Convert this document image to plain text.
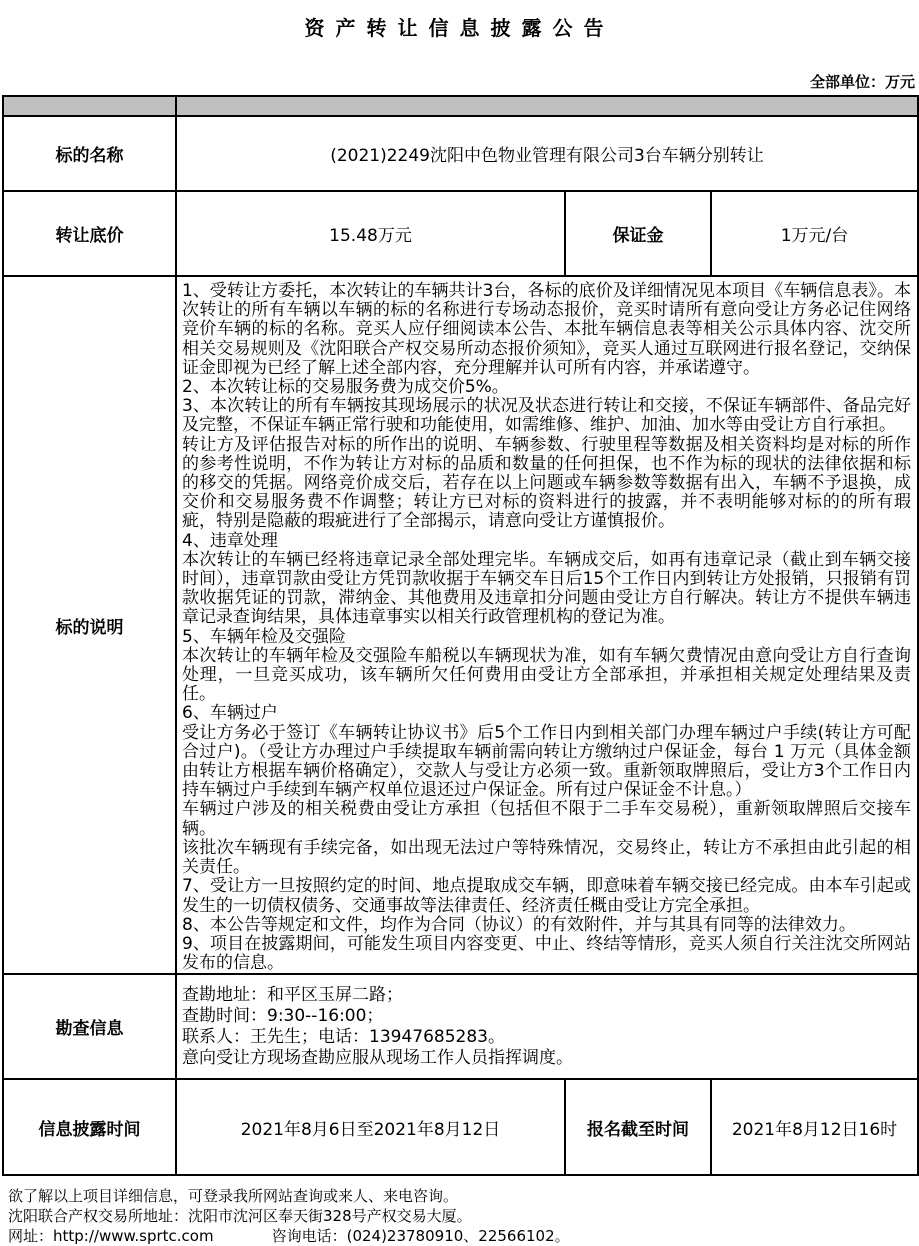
资产转让信息披露公告
全部单位：万元

标的名称	(2021)2249沈阳中色物业管理有限公司3台车辆分别转让		
转让底价	15.48万元	保证金	1万元/台
标的说明	
1、受转让方委托，本次转让的车辆共计3台，各标的底价及详细情况见本项目《车辆信息表》。本次转让的所有车辆以车辆的标的名称进行专场动态报价，竞买时请所有意向受让方务必记住网络竞价车辆的标的名称。竞买人应仔细阅读本公告、本批车辆信息表等相关公示具体内容、沈交所相关交易规则及《沈阳联合产权交易所动态报价须知》，竞买人通过互联网进行报名登记，交纳保证金即视为已经了解上述全部内容，充分理解并认可所有内容，并承诺遵守。
2、本次转让标的交易服务费为成交价5%。
3、本次转让的所有车辆按其现场展示的状况及状态进行转让和交接，不保证车辆部件、备品完好及完整，不保证车辆正常行驶和功能使用，如需维修、维护、加油、加水等由受让方自行承担。
转让方及评估报告对标的所作出的说明、车辆参数、行驶里程等数据及相关资料均是对标的所作的参考性说明，不作为转让方对标的品质和数量的任何担保，也不作为标的现状的法律依据和标的移交的凭据。网络竞价成交后，若存在以上问题或车辆参数等数据有出入，车辆不予退换，成交价和交易服务费不作调整；转让方已对标的资料进行的披露，并不表明能够对标的的所有瑕疵，特别是隐蔽的瑕疵进行了全部揭示，请意向受让方谨慎报价。
4、违章处理
本次转让的车辆已经将违章记录全部处理完毕。车辆成交后，如再有违章记录（截止到车辆交接时间），违章罚款由受让方凭罚款收据于车辆交车日后15个工作日内到转让方处报销，只报销有罚款收据凭证的罚款，滞纳金、其他费用及违章扣分问题由受让方自行解决。转让方不提供车辆违章记录查询结果，具体违章事实以相关行政管理机构的登记为准。
5、车辆年检及交强险
本次转让的车辆年检及交强险车船税以车辆现状为准，如有车辆欠费情况由意向受让方自行查询处理，一旦竞买成功，该车辆所欠任何费用由受让方全部承担，并承担相关规定处理结果及责任。
6、车辆过户
受让方务必于签订《车辆转让协议书》后5个工作日内到相关部门办理车辆过户手续(转让方可配合过户)。（受让方办理过户手续提取车辆前需向转让方缴纳过户保证金，每台 1 万元（具体金额由转让方根据车辆价格确定），交款人与受让方必须一致。重新领取牌照后，受让方3个工作日内持车辆过户手续到车辆产权单位退还过户保证金。所有过户保证金不计息。）
车辆过户涉及的相关税费由受让方承担（包括但不限于二手车交易税），重新领取牌照后交接车辆。
该批次车辆现有手续完备，如出现无法过户等特殊情况，交易终止，转让方不承担由此引起的相关责任。
7、受让方一旦按照约定的时间、地点提取成交车辆，即意味着车辆交接已经完成。由本车引起或发生的一切债权债务、交通事故等法律责任、经济责任概由受让方完全承担。
8、本公告等规定和文件，均作为合同（协议）的有效附件，并与其具有同等的法律效力。
9、项目在披露期间，可能发生项目内容变更、中止、终结等情形，竞买人须自行关注沈交所网站发布的信息。

勘查信息	查勘地址：和平区玉屏二路；
查勘时间：9:30--16:00；
联系人：王先生；电话：13947685283。
意向受让方现场查勘应服从现场工作人员指挥调度。		

信息披露时间	2021年8月6日至2021年8月12日	报名截至时间	2021年8月12日16时
欲了解以上项目详细信息，可登录我所网站查询或来人、来电咨询。
沈阳联合产权交易所地址：沈阳市沈河区奉天街328号产权交易大厦。
网址：http://www.sprtc.com	咨询电话：(024)23780910、22566102。
